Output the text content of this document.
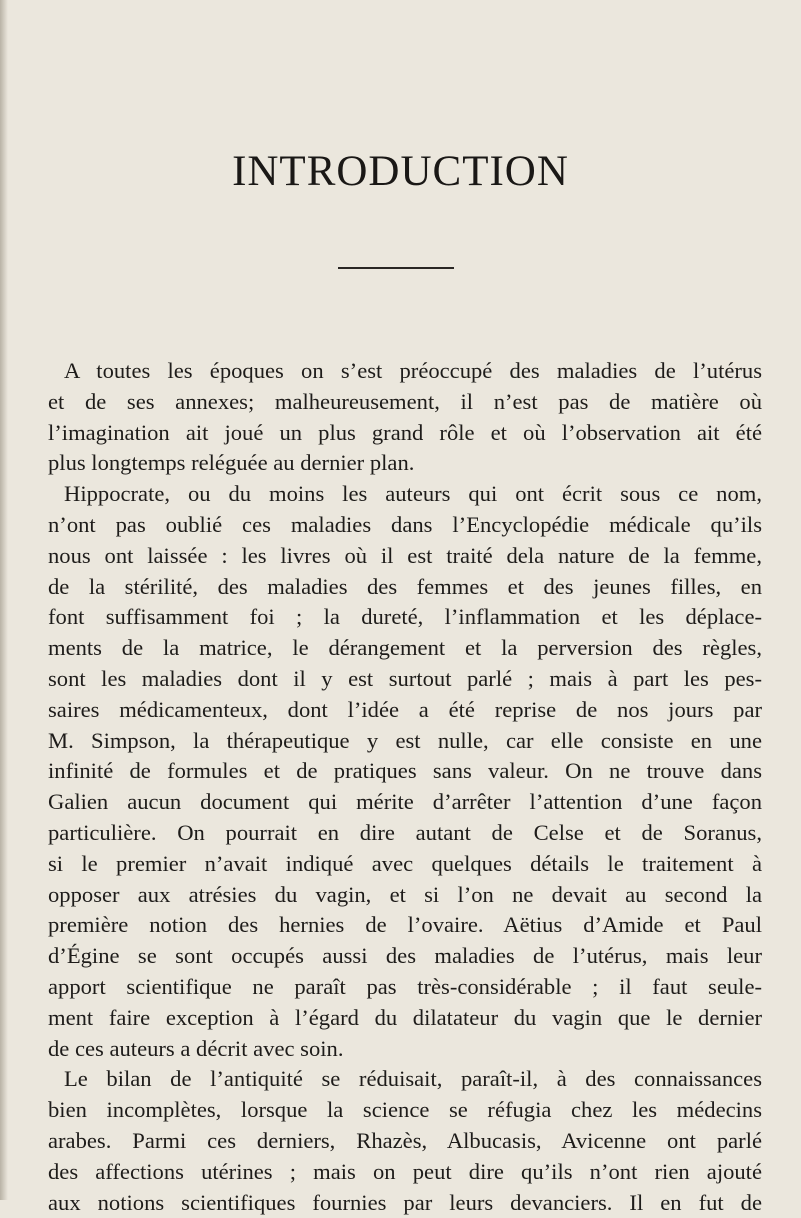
INTRODUCTION
A toutes les époques on s’est préoccupé des maladies de l’utérus
et de ses annexes; malheureusement, il n’est pas de matière où
l’imagination ait joué un plus grand rôle et où l’observation ait été
plus longtemps reléguée au dernier plan.
Hippocrate, ou du moins les auteurs qui ont écrit sous ce nom,
n’ont pas oublié ces maladies dans l’Encyclopédie médicale qu’ils
nous ont laissée : les livres où il est traité dela nature de la femme,
de la stérilité, des maladies des femmes et des jeunes filles, en
font suffisamment foi ; la dureté, l’inflammation et les déplace-
ments de la matrice, le dérangement et la perversion des règles,
sont les maladies dont il y est surtout parlé ; mais à part les pes-
saires médicamenteux, dont l’idée a été reprise de nos jours par
M. Simpson, la thérapeutique y est nulle, car elle consiste en une
infinité de formules et de pratiques sans valeur. On ne trouve dans
Galien aucun document qui mérite d’arrêter l’attention d’une façon
particulière. On pourrait en dire autant de Celse et de Soranus,
si le premier n’avait indiqué avec quelques détails le traitement à
opposer aux atrésies du vagin, et si l’on ne devait au second la
première notion des hernies de l’ovaire. Aëtius d’Amide et Paul
d’Égine se sont occupés aussi des maladies de l’utérus, mais leur
apport scientifique ne paraît pas très-considérable ; il faut seule-
ment faire exception à l’égard du dilatateur du vagin que le dernier
de ces auteurs a décrit avec soin.
Le bilan de l’antiquité se réduisait, paraît-il, à des connaissances
bien incomplètes, lorsque la science se réfugia chez les médecins
arabes. Parmi ces derniers, Rhazès, Albucasis, Avicenne ont parlé
des affections utérines ; mais on peut dire qu’ils n’ont rien ajouté
aux notions scientifiques fournies par leurs devanciers. Il en fut de
